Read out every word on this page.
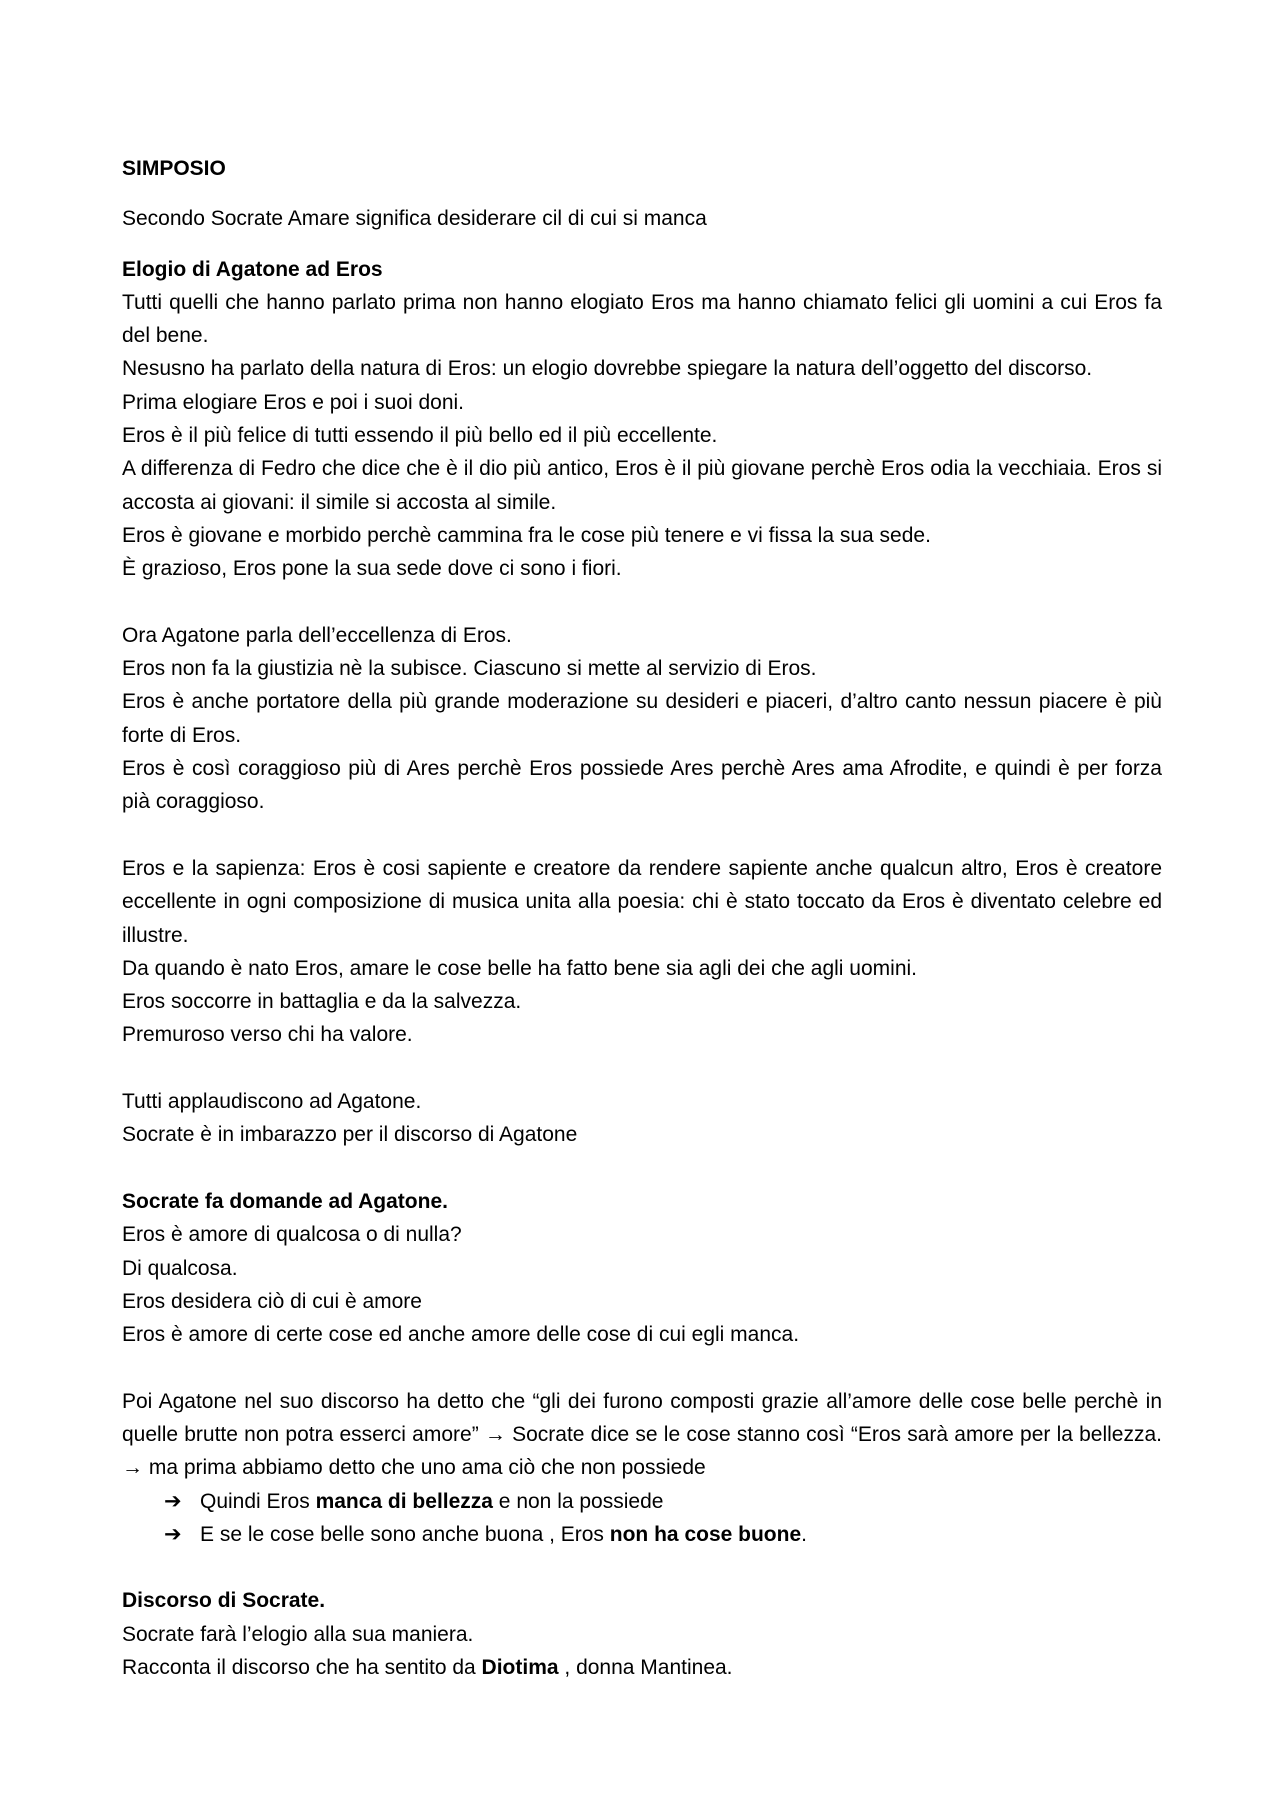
SIMPOSIO

Secondo Socrate Amare significa desiderare cil di cui si manca

Elogio di Agatone ad Eros

Tutti quelli che hanno parlato prima non hanno elogiato Eros ma hanno chiamato felici gli uomini a cui Eros fa del bene.

Nesusno ha parlato della natura di Eros: un elogio dovrebbe spiegare la natura dell’oggetto del discorso.

Prima elogiare Eros e poi i suoi doni.

Eros è il più felice di tutti essendo il più bello ed il più eccellente.

A differenza di Fedro che dice che è il dio più antico, Eros è il più giovane perchè Eros odia la vecchiaia. Eros si accosta ai giovani: il simile si accosta al simile.

Eros è giovane e morbido perchè cammina fra le cose più tenere e vi fissa la sua sede.

È grazioso, Eros pone la sua sede dove ci sono i fiori.

Ora Agatone parla dell’eccellenza di Eros.

Eros non fa la giustizia nè la subisce. Ciascuno si mette al servizio di Eros.

Eros è anche portatore della più grande moderazione su desideri e piaceri, d’altro canto nessun piacere è più forte di Eros.

Eros è così coraggioso più di Ares perchè Eros possiede Ares perchè Ares ama Afrodite, e quindi è per forza pià coraggioso.

Eros e la sapienza: Eros è cosi sapiente e creatore da rendere sapiente anche qualcun altro, Eros è creatore eccellente in ogni composizione di musica unita alla poesia: chi è stato toccato da Eros è diventato celebre ed illustre.

Da quando è nato Eros, amare le cose belle ha fatto bene sia agli dei che agli uomini.

Eros soccorre in battaglia e da la salvezza.

Premuroso verso chi ha valore.

Tutti applaudiscono ad Agatone.

Socrate è in imbarazzo per il discorso di Agatone

Socrate fa domande ad Agatone.

Eros è amore di qualcosa o di nulla?

Di qualcosa.

Eros desidera ciò di cui è amore

Eros è amore di certe cose ed anche amore delle cose di cui egli manca.

Poi Agatone nel suo discorso ha detto che “gli dei furono composti grazie all’amore delle cose belle perchè in quelle brutte non potra esserci amore” → Socrate dice se le cose stanno così “Eros sarà amore per la bellezza. → ma prima abbiamo detto che uno ama ciò che non possiede

➔ Quindi Eros manca di bellezza e non la possiede
➔ E se le cose belle sono anche buona , Eros non ha cose buone.

Discorso di Socrate.

Socrate farà l’elogio alla sua maniera.

Racconta il discorso che ha sentito da Diotima , donna Mantinea.
